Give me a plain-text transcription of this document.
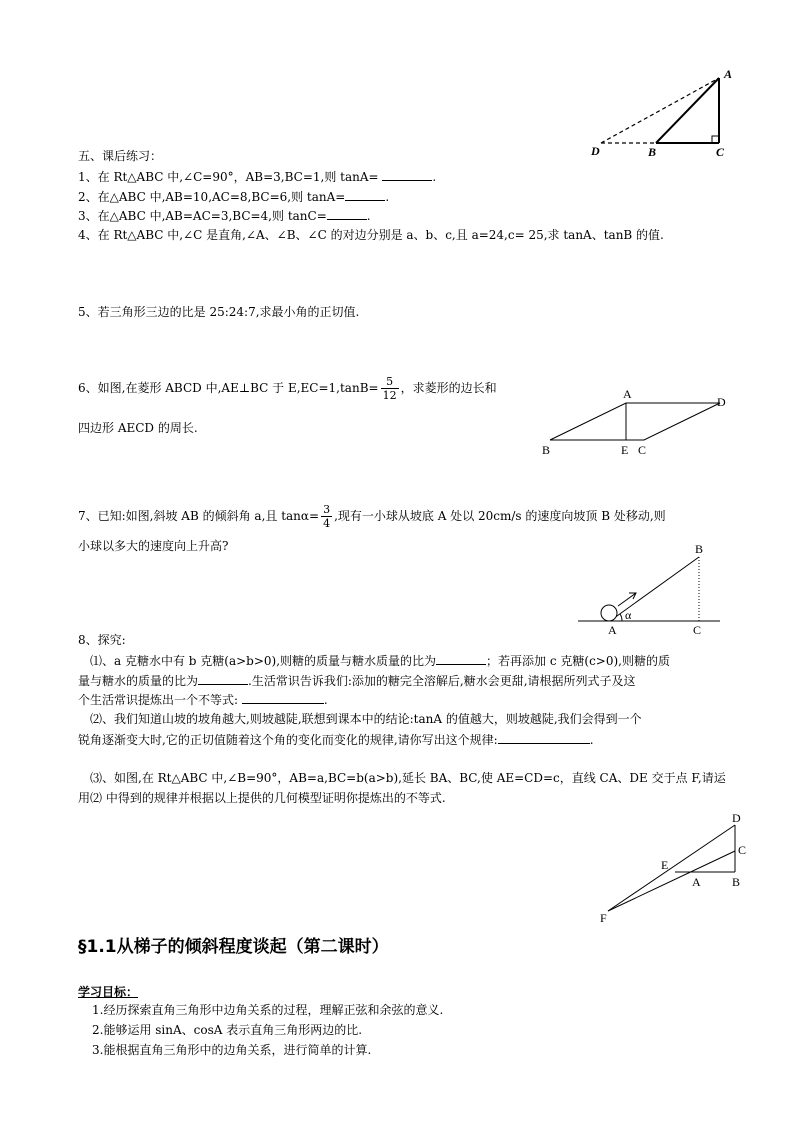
A
D	B	C
五、课后练习：
1、在 Rt△ABC 中,∠C=90°，AB=3,BC=1,则 tanA=	.
2、在△ABC 中,AB=10,AC=8,BC=6,则 tanA=	.
3、在△ABC 中,AB=AC=3,BC=4,则 tanC=	.
4、在 Rt△ABC 中,∠C 是直角,∠A、∠B、∠C 的对边分别是 a、b、c,且 a=24,c= 25,求 tanA、tanB 的值.
5、若三角形三边的比是 25:24:7,求最小角的正切值.
6、如图,在菱形 ABCD 中,AE⊥BC 于 $E,EC=1,\tan B= \frac{5}{12}$ ，求菱形的边长和
四边形 AECD 的周长.
A
D
B	E C
7、已知:如图,斜坡 AB 的倾斜角 a,且 $\tan\alpha= \frac{3}{4}$ ,现有一小球从坡底 A 处以 20cm/s 的速度向坡顶 B 处移动,则
小球以多大的速度向上升高?	B
α
A	C
8、探究:
⑴、a 克糖水中有 b 克糖(a>b>0),则糖的质量与糖水质量的比为	；若再添加 c 克糖(c>0),则糖的质
量与糖水的质量的比为	.生活常识告诉我们:添加的糖完全溶解后,糖水会更甜,请根据所列式子及这
个生活常识提炼出一个不等式:	.
⑵、我们知道山坡的坡角越大,则坡越陡,联想到课本中的结论:tanA 的值越大，则坡越陡,我们会得到一个
锐角逐渐变大时,它的正切值随着这个角的变化而变化的规律,请你写出这个规律:	.
⑶、如图,在 Rt△ABC 中,∠B=90°，AB=a,BC=b(a>b),延长 BA、BC,使 AE=CD=c，直线 CA、DE 交于点 F,请运
用⑵ 中得到的规律并根据以上提供的几何模型证明你提炼出的不等式.
D
C
E
A	B
F
§1.1从梯子的倾斜程度谈起（第二课时）
学习目标：
1.经历探索直角三角形中边角关系的过程，理解正弦和余弦的意义.
2.能够运用 sinA、cosA 表示直角三角形两边的比.
3.能根据直角三角形中的边角关系，进行简单的计算.
